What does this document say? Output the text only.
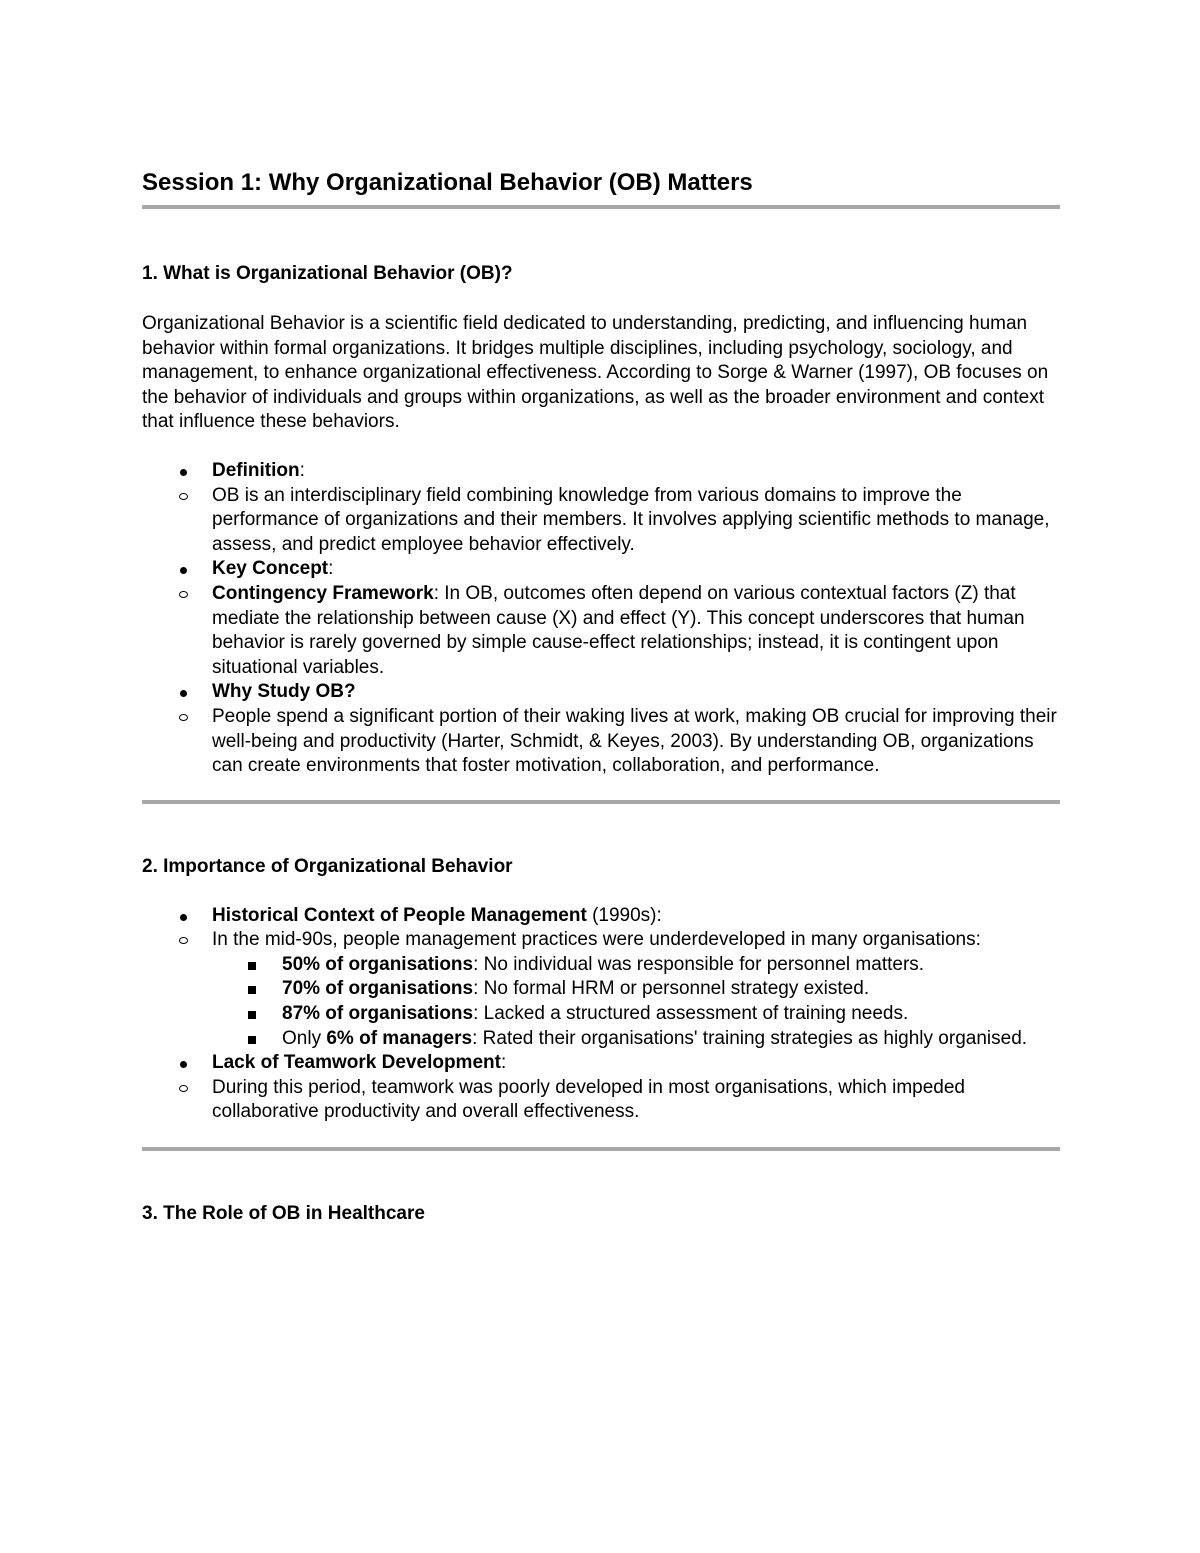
Session 1: Why Organizational Behavior (OB) Matters
1. What is Organizational Behavior (OB)?

Organizational Behavior is a scientific field dedicated to understanding, predicting, and influencing human behavior within formal organizations. It bridges multiple disciplines, including psychology, sociology, and management, to enhance organizational effectiveness. According to Sorge & Warner (1997), OB focuses on the behavior of individuals and groups within organizations, as well as the broader environment and context that influence these behaviors.

Definition:
OB is an interdisciplinary field combining knowledge from various domains to improve the performance of organizations and their members. It involves applying scientific methods to manage, assess, and predict employee behavior effectively.
Key Concept:
Contingency Framework: In OB, outcomes often depend on various contextual factors (Z) that mediate the relationship between cause (X) and effect (Y). This concept underscores that human behavior is rarely governed by simple cause-effect relationships; instead, it is contingent upon situational variables.
Why Study OB?
People spend a significant portion of their waking lives at work, making OB crucial for improving their well-being and productivity (Harter, Schmidt, & Keyes, 2003). By understanding OB, organizations can create environments that foster motivation, collaboration, and performance.
2. Importance of Organizational Behavior
Historical Context of People Management (1990s):
In the mid-90s, people management practices were underdeveloped in many organisations:
50% of organisations: No individual was responsible for personnel matters.
70% of organisations: No formal HRM or personnel strategy existed.
87% of organisations: Lacked a structured assessment of training needs.
Only 6% of managers: Rated their organisations' training strategies as highly organised.
Lack of Teamwork Development:
During this period, teamwork was poorly developed in most organisations, which impeded collaborative productivity and overall effectiveness.
3. The Role of OB in Healthcare
